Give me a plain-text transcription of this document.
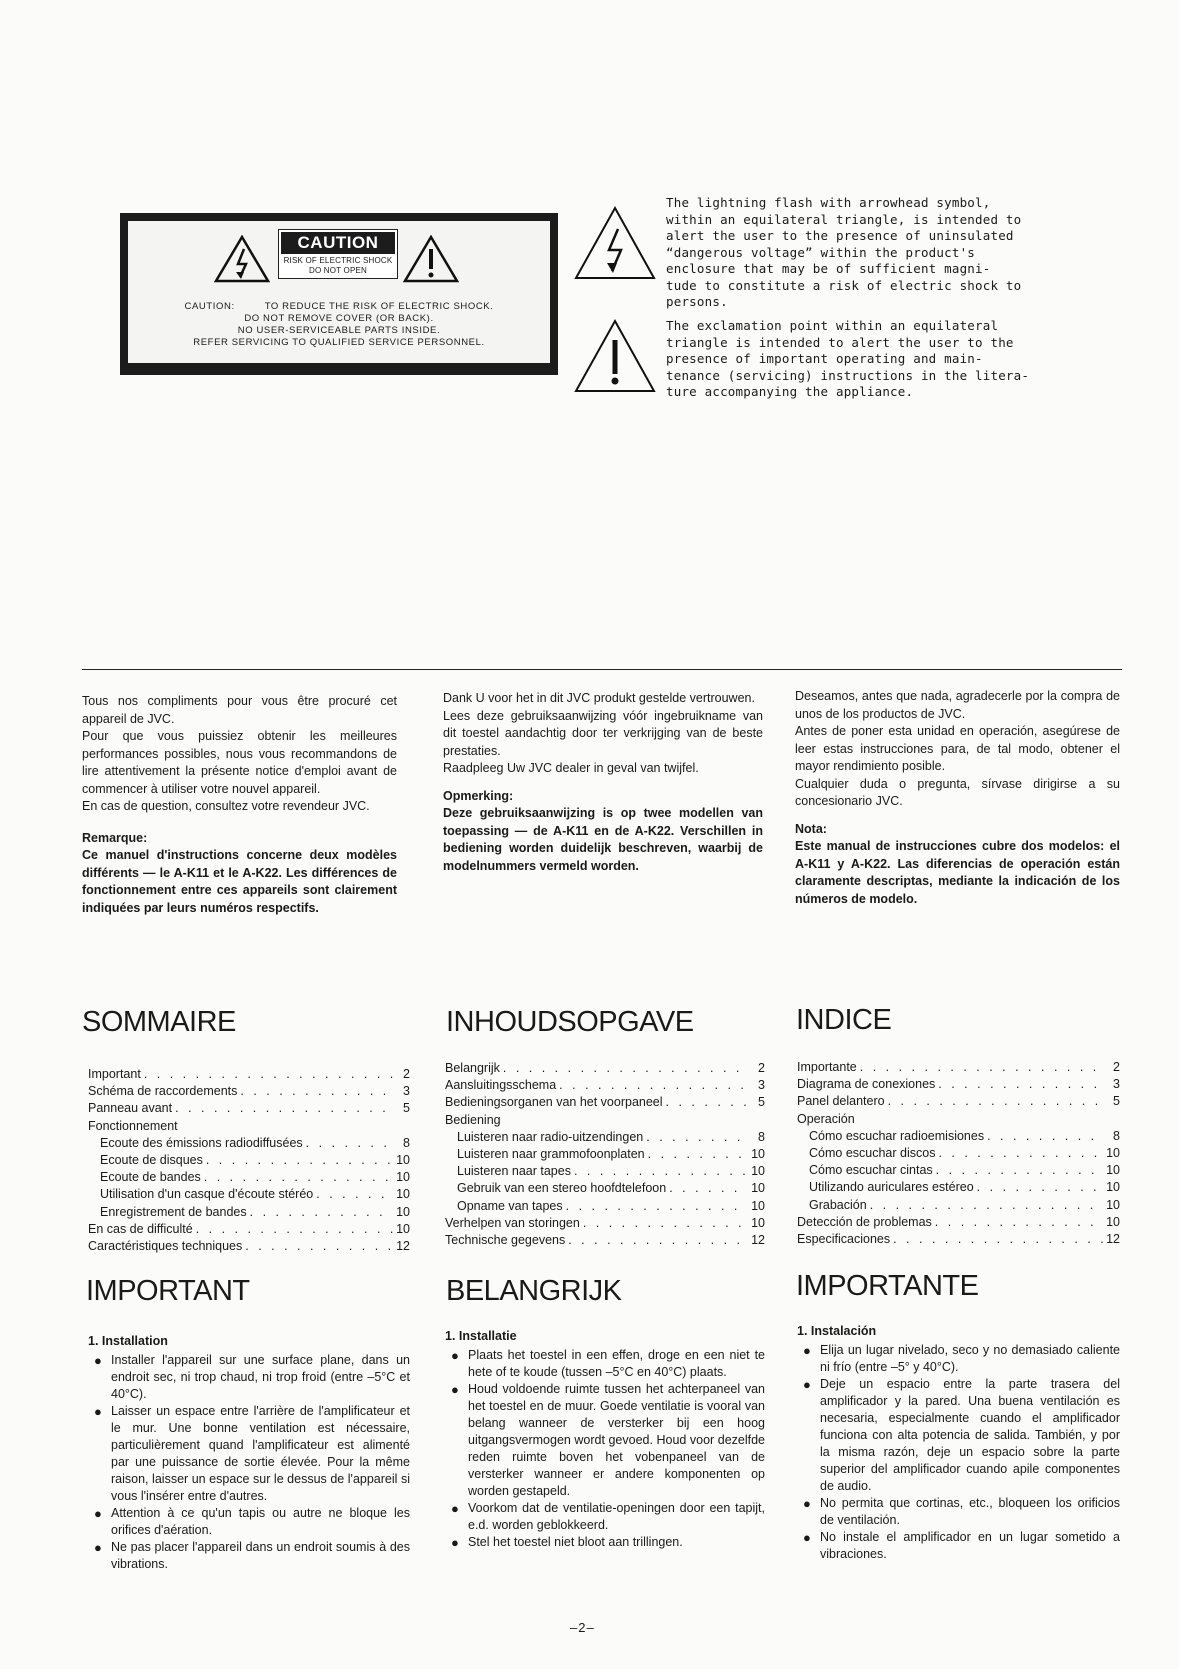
CAUTION
RISK OF ELECTRIC SHOCK
DO NOT OPEN
CAUTION:	TO REDUCE THE RISK OF ELECTRIC SHOCK.
DO NOT REMOVE COVER (OR BACK).
NO USER-SERVICEABLE PARTS INSIDE.
REFER SERVICING TO QUALIFIED SERVICE PERSONNEL.
The lightning flash with arrowhead symbol,
within an equilateral triangle, is intended to
alert the user to the presence of uninsulated
“dangerous voltage” within the product's
enclosure that may be of sufficient magni-
tude to constitute a risk of electric shock to
persons.
The exclamation point within an equilateral
triangle is intended to alert the user to the
presence of important operating and main-
tenance (servicing) instructions in the litera-
ture accompanying the appliance.

Tous nos compliments pour vous être procuré cet appareil de JVC.

Pour que vous puissiez obtenir les meilleures performances possibles, nous vous recommandons de lire attentivement la présente notice d'emploi avant de commencer à utiliser votre nouvel appareil.

En cas de question, consultez votre revendeur JVC.

Remarque:

Ce manuel d'instructions concerne deux modèles différents — le A-K11 et le A-K22. Les différences de fonctionnement entre ces appareils sont clairement indiquées par leurs numéros respectifs.

Dank U voor het in dit JVC produkt gestelde vertrouwen.

Lees deze gebruiksaanwijzing vóór ingebruikname van dit toestel aandachtig door ter verkrijging van de beste prestaties.

Raadpleeg Uw JVC dealer in geval van twijfel.

Opmerking:

Deze gebruiksaanwijzing is op twee modellen van toepassing — de A-K11 en de A-K22. Verschillen in bediening worden duidelijk beschreven, waarbij de modelnummers vermeld worden.

Deseamos, antes que nada, agradecerle por la compra de unos de los productos de JVC.

Antes de poner esta unidad en operación, asegúrese de leer estas instrucciones para, de tal modo, obtener el mayor rendimiento posible.

Cualquier duda o pregunta, sírvase dirigirse a su concesionario JVC.

Nota:

Este manual de instrucciones cubre dos modelos: el A-K11 y A-K22. Las diferencias de operación están claramente descriptas, mediante la indicación de los números de modelo.

SOMMAIRE	INHOUDSOPGAVE	INDICE
Important . . .	2
Schéma de raccordements . . .	3
Panneau avant . . .	5
Fonctionnement
Ecoute des émissions radiodiffusées . . .	8
Ecoute de disques . . .	10
Ecoute de bandes . . .	10
Utilisation d'un casque d'écoute stéréo . . .	10
Enregistrement de bandes . . .	10
En cas de difficulté . . .	10
Caractéristiques techniques . . .	12
Belangrijk . . .	2
Aansluitingsschema . . .	3
Bedieningsorganen van het voorpaneel . . .	5
Bediening
Luisteren naar radio-uitzendingen . . .	8
Luisteren naar grammofoonplaten . . .	10
Luisteren naar tapes . . .	10
Gebruik van een stereo hoofdtelefoon . . .	10
Opname van tapes . . .	10
Verhelpen van storingen . . .	10
Technische gegevens . . .	12
Importante . . .	2
Diagrama de conexiones . . .	3
Panel delantero . . .	5
Operación
Cómo escuchar radioemisiones . . .	8
Cómo escuchar discos . . .	10
Cómo escuchar cintas . . .	10
Utilizando auriculares estéreo . . .	10
Grabación . . .	10
Detección de problemas . . .	10
Especificaciones . . .	12
IMPORTANT	BELANGRIJK	IMPORTANTE
1. Installation
● Installer l'appareil sur une surface plane, dans un endroit sec, ni trop chaud, ni trop froid (entre –5°C et 40°C).
● Laisser un espace entre l'arrière de l'amplificateur et le mur. Une bonne ventilation est nécessaire, particulièrement quand l'amplificateur est alimenté par une puissance de sortie élevée. Pour la même raison, laisser un espace sur le dessus de l'appareil si vous l'insérer entre d'autres.
● Attention à ce qu'un tapis ou autre ne bloque les orifices d'aération.
● Ne pas placer l'appareil dans un endroit soumis à des vibrations.
1. Installatie
● Plaats het toestel in een effen, droge en een niet te hete of te koude (tussen –5°C en 40°C) plaats.
● Houd voldoende ruimte tussen het achterpaneel van het toestel en de muur. Goede ventilatie is vooral van belang wanneer de versterker bij een hoog uitgangsvermogen wordt gevoed. Houd voor dezelfde reden ruimte boven het vobenpaneel van de versterker wanneer er andere komponenten op worden gestapeld.
● Voorkom dat de ventilatie-openingen door een tapijt, e.d. worden geblokkeerd.
● Stel het toestel niet bloot aan trillingen.
1. Instalación
● Elija un lugar nivelado, seco y no demasiado caliente ni frío (entre –5° y 40°C).
● Deje un espacio entre la parte trasera del amplificador y la pared. Una buena ventilación es necesaria, especialmente cuando el amplificador funciona con alta potencia de salida. También, y por la misma razón, deje un espacio sobre la parte superior del amplificador cuando apile componentes de audio.
● No permita que cortinas, etc., bloqueen los orificios de ventilación.
● No instale el amplificador en un lugar sometido a vibraciones.
–2–
